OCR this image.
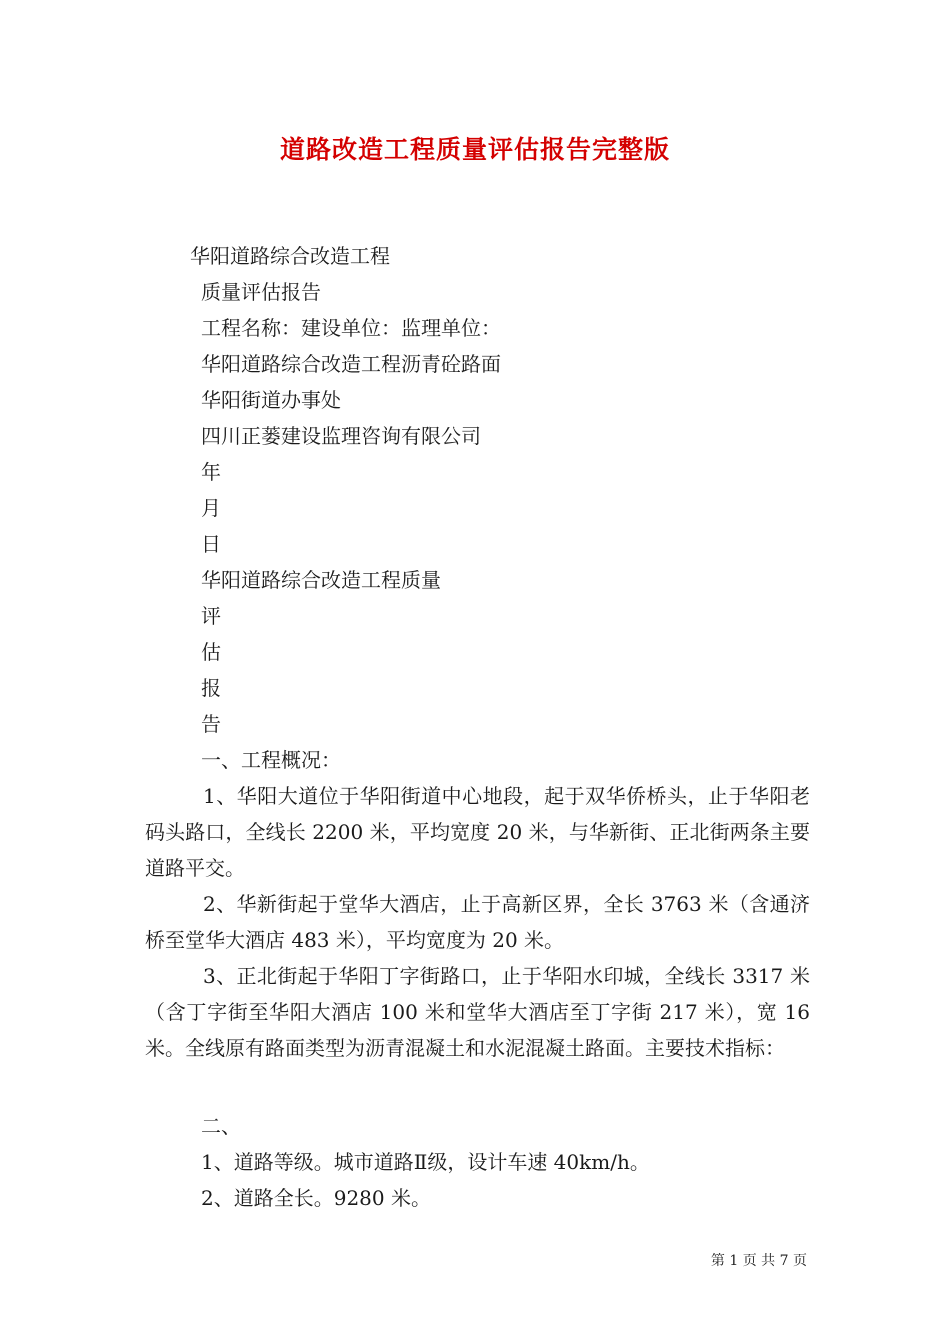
道路改造工程质量评估报告完整版
华阳道路综合改造工程
质量评估报告
工程名称：建设单位：监理单位：
华阳道路综合改造工程沥青砼路面
华阳街道办事处
四川正蒌建设监理咨询有限公司
年
月
日
华阳道路综合改造工程质量
评
估
报
告
一、工程概况：
1、华阳大道位于华阳街道中心地段，起于双华侨桥头，止于华阳老码头路口，全线长 2200 米，平均宽度 20 米，与华新街、正北街两条主要道路平交。
2、华新街起于堂华大酒店，止于高新区界，全长 3763 米（含通济桥至堂华大酒店 483 米），平均宽度为 20 米。
3、正北街起于华阳丁字街路口，止于华阳水印城，全线长 3317 米（含丁字街至华阳大酒店 100 米和堂华大酒店至丁字街 217 米），宽 16 米。全线原有路面类型为沥青混凝土和水泥混凝土路面。主要技术指标：
二、
1、道路等级。城市道路Ⅱ级，设计车速 40km/h。
2、道路全长。9280 米。
第 1 页 共 7 页
